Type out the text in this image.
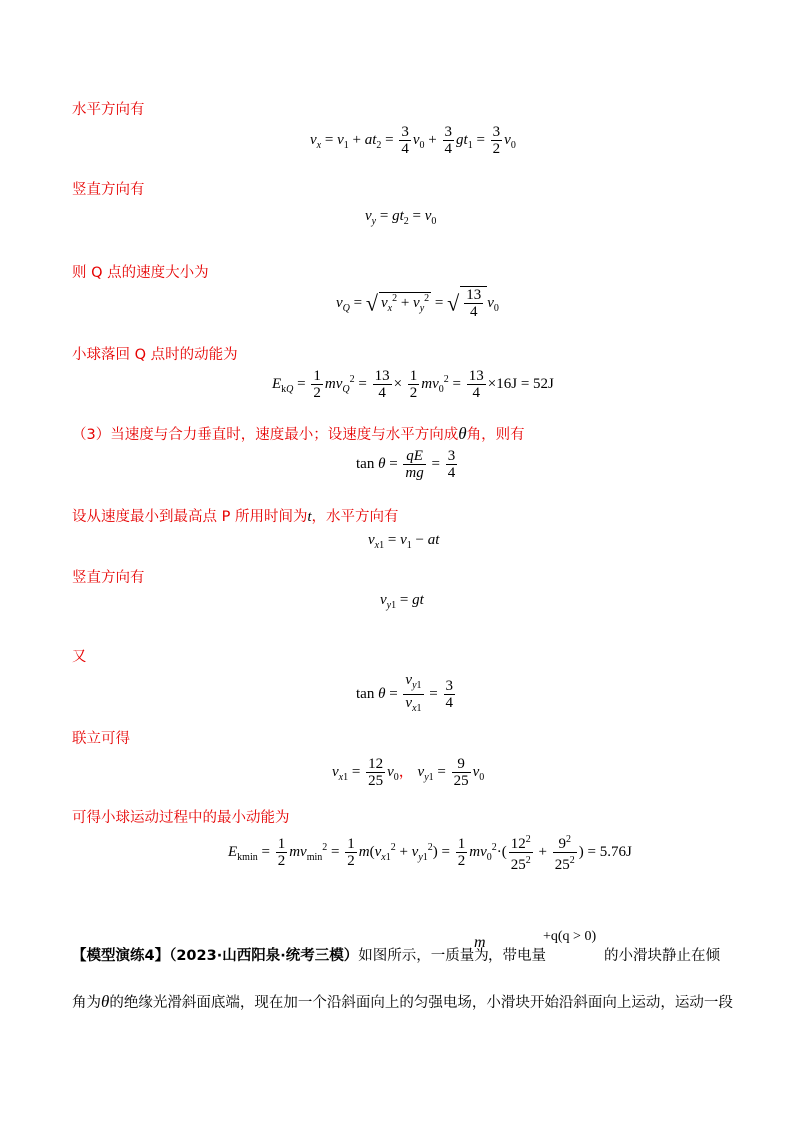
水平方向有
$v_x = v_1 + at_2 = \frac{3}{4} v_0 + \frac{3}{4} gt_1 = \frac{3}{2} v_0$
竖直方向有
$v_y = gt_2 = v_0$
则 Q 点的速度大小为
$v_Q$ = √ $v_x^2 + v_y^2$ = √ $\frac{13}{4} v_0$
小球落回 Q 点时的动能为
$E_{kQ} = \frac{1}{2} mv_Q^2 = \frac{13}{4} \times \frac{1}{2} mv_0^2 = \frac{13}{4} \times 16J = 52J$
（3）当速度与合力垂直时，速度最小；设速度与水平方向成θ角，则有
$\tan \theta = \frac{qE}{mg} = \frac{3}{4}$
设从速度最小到最高点 P 所用时间为t，水平方向有
$v_{x1} = v_1$ − at
竖直方向有
$v_{y1}$ = gt
又
$\tan \theta = \frac{v_{y1}}{v_{x1}} = \frac{3}{4}$
联立可得
$v_{x1} = \frac{12}{25} v_0$， $v_{y1} = \frac{9}{25} v_0$
可得小球运动过程中的最小动能为
$E_{kmin} = \frac{1}{2} mv_{min}^2 = \frac{1}{2} m(v_{x1}^2 + v_{y1}^2) = \frac{1}{2} mv_0^2\cdot( \frac{12^2}{25^2} + \frac{9^2}{25^2}$ ) = 5.76J
【模型演练4】（2023·山西阳泉·统考三模）如图所示，一质量为
m
，带电量
+q(q > 0)
的小滑块静止在倾
角为θ的绝缘光滑斜面底端，现在加一个沿斜面向上的匀强电场，小滑块开始沿斜面向上运动，运动一段
